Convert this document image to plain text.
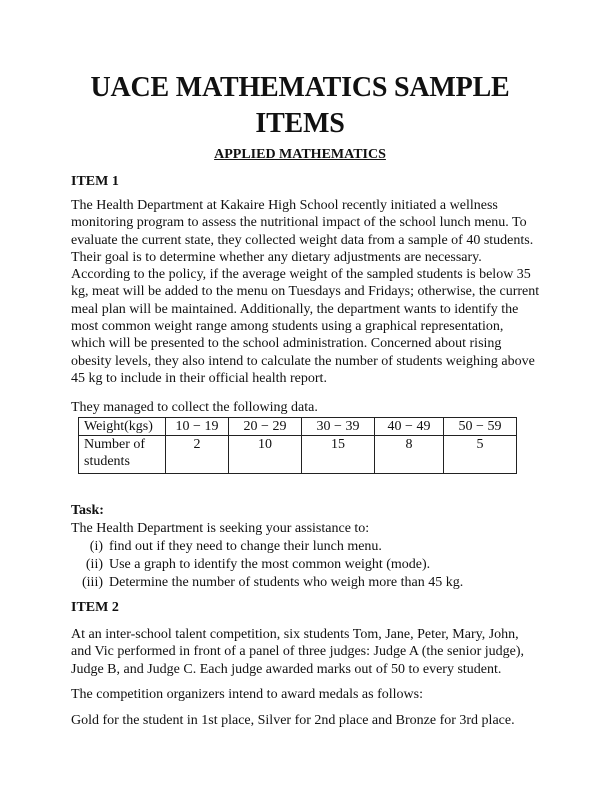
UACE MATHEMATICS SAMPLE ITEMS
APPLIED MATHEMATICS
ITEM 1

The Health Department at Kakaire High School recently initiated a wellness monitoring program to assess the nutritional impact of the school lunch menu. To evaluate the current state, they collected weight data from a sample of 40 students. Their goal is to determine whether any dietary adjustments are necessary. According to the policy, if the average weight of the sampled students is below 35 kg, meat will be added to the menu on Tuesdays and Fridays; otherwise, the current meal plan will be maintained. Additionally, the department wants to identify the most common weight range among students using a graphical representation, which will be presented to the school administration. Concerned about rising obesity levels, they also intend to calculate the number of students weighing above 45 kg to include in their official health report.

They managed to collect the following data.

Weight(kgs)	10 − 19	20 − 29	30 − 39	40 − 49	50 − 59
Number of students	2	10	15	8	5
Task:

The Health Department is seeking your assistance to:

(i) find out if they need to change their lunch menu.
(ii) Use a graph to identify the most common weight (mode).
(iii) Determine the number of students who weigh more than 45 kg.
ITEM 2

At an inter-school talent competition, six students Tom, Jane, Peter, Mary, John, and Vic performed in front of a panel of three judges: Judge A (the senior judge), Judge B, and Judge C. Each judge awarded marks out of 50 to every student.

The competition organizers intend to award medals as follows:

Gold for the student in 1st place, Silver for 2nd place and Bronze for 3rd place.
